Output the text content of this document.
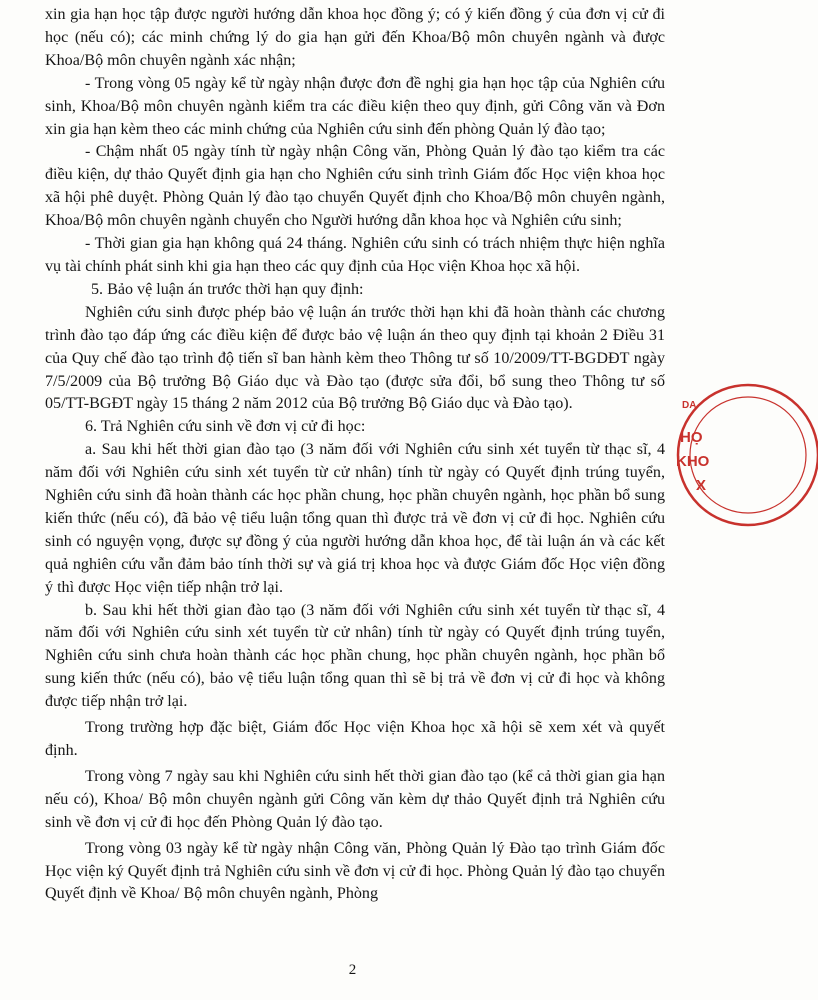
xin gia hạn học tập được người hướng dẫn khoa học đồng ý; có ý kiến đồng ý của đơn vị cử đi học (nếu có); các minh chứng lý do gia hạn gửi đến Khoa/Bộ môn chuyên ngành và được Khoa/Bộ môn chuyên ngành xác nhận;

- Trong vòng 05 ngày kể từ ngày nhận được đơn đề nghị gia hạn học tập của Nghiên cứu sinh, Khoa/Bộ môn chuyên ngành kiểm tra các điều kiện theo quy định, gửi Công văn và Đơn xin gia hạn kèm theo các minh chứng của Nghiên cứu sinh đến phòng Quản lý đào tạo;

- Chậm nhất 05 ngày tính từ ngày nhận Công văn, Phòng Quản lý đào tạo kiểm tra các điều kiện, dự thảo Quyết định gia hạn cho Nghiên cứu sinh trình Giám đốc Học viện khoa học xã hội phê duyệt. Phòng Quản lý đào tạo chuyển Quyết định cho Khoa/Bộ môn chuyên ngành, Khoa/Bộ môn chuyên ngành chuyển cho Người hướng dẫn khoa học và Nghiên cứu sinh;

- Thời gian gia hạn không quá 24 tháng. Nghiên cứu sinh có trách nhiệm thực hiện nghĩa vụ tài chính phát sinh khi gia hạn theo các quy định của Học viện Khoa học xã hội.

5. Bảo vệ luận án trước thời hạn quy định:

Nghiên cứu sinh được phép bảo vệ luận án trước thời hạn khi đã hoàn thành các chương trình đào tạo đáp ứng các điều kiện để được bảo vệ luận án theo quy định tại khoản 2 Điều 31 của Quy chế đào tạo trình độ tiến sĩ ban hành kèm theo Thông tư số 10/2009/TT-BGDĐT ngày 7/5/2009 của Bộ trưởng Bộ Giáo dục và Đào tạo (được sửa đổi, bổ sung theo Thông tư số 05/TT-BGĐT ngày 15 tháng 2 năm 2012 của Bộ trưởng Bộ Giáo dục và Đào tạo).

6. Trả Nghiên cứu sinh về đơn vị cử đi học:

a. Sau khi hết thời gian đào tạo (3 năm đối với Nghiên cứu sinh xét tuyển từ thạc sĩ, 4 năm đối với Nghiên cứu sinh xét tuyển từ cử nhân) tính từ ngày có Quyết định trúng tuyển, Nghiên cứu sinh đã hoàn thành các học phần chung, học phần chuyên ngành, học phần bổ sung kiến thức (nếu có), đã bảo vệ tiểu luận tổng quan thì được trả về đơn vị cử đi học. Nghiên cứu sinh có nguyện vọng, được sự đồng ý của người hướng dẫn khoa học, để tài luận án và các kết quả nghiên cứu vẫn đảm bảo tính thời sự và giá trị khoa học và được Giám đốc Học viện đồng ý thì được Học viện tiếp nhận trở lại.

b. Sau khi hết thời gian đào tạo (3 năm đối với Nghiên cứu sinh xét tuyển từ thạc sĩ, 4 năm đối với Nghiên cứu sinh xét tuyển từ cử nhân) tính từ ngày có Quyết định trúng tuyển, Nghiên cứu sinh chưa hoàn thành các học phần chung, học phần chuyên ngành, học phần bổ sung kiến thức (nếu có), bảo vệ tiểu luận tổng quan thì sẽ bị trả về đơn vị cử đi học và không được tiếp nhận trở lại.

Trong trường hợp đặc biệt, Giám đốc Học viện Khoa học xã hội sẽ xem xét và quyết định.

Trong vòng 7 ngày sau khi Nghiên cứu sinh hết thời gian đào tạo (kể cả thời gian gia hạn nếu có), Khoa/ Bộ môn chuyên ngành gửi Công văn kèm dự thảo Quyết định trả Nghiên cứu sinh về đơn vị cử đi học đến Phòng Quản lý đào tạo.

Trong vòng 03 ngày kể từ ngày nhận Công văn, Phòng Quản lý Đào tạo trình Giám đốc Học viện ký Quyết định trả Nghiên cứu sinh về đơn vị cử đi học. Phòng Quản lý đào tạo chuyển Quyết định về Khoa/ Bộ môn chuyên ngành, Phòng

2
DA
HỌ
KHO
X
